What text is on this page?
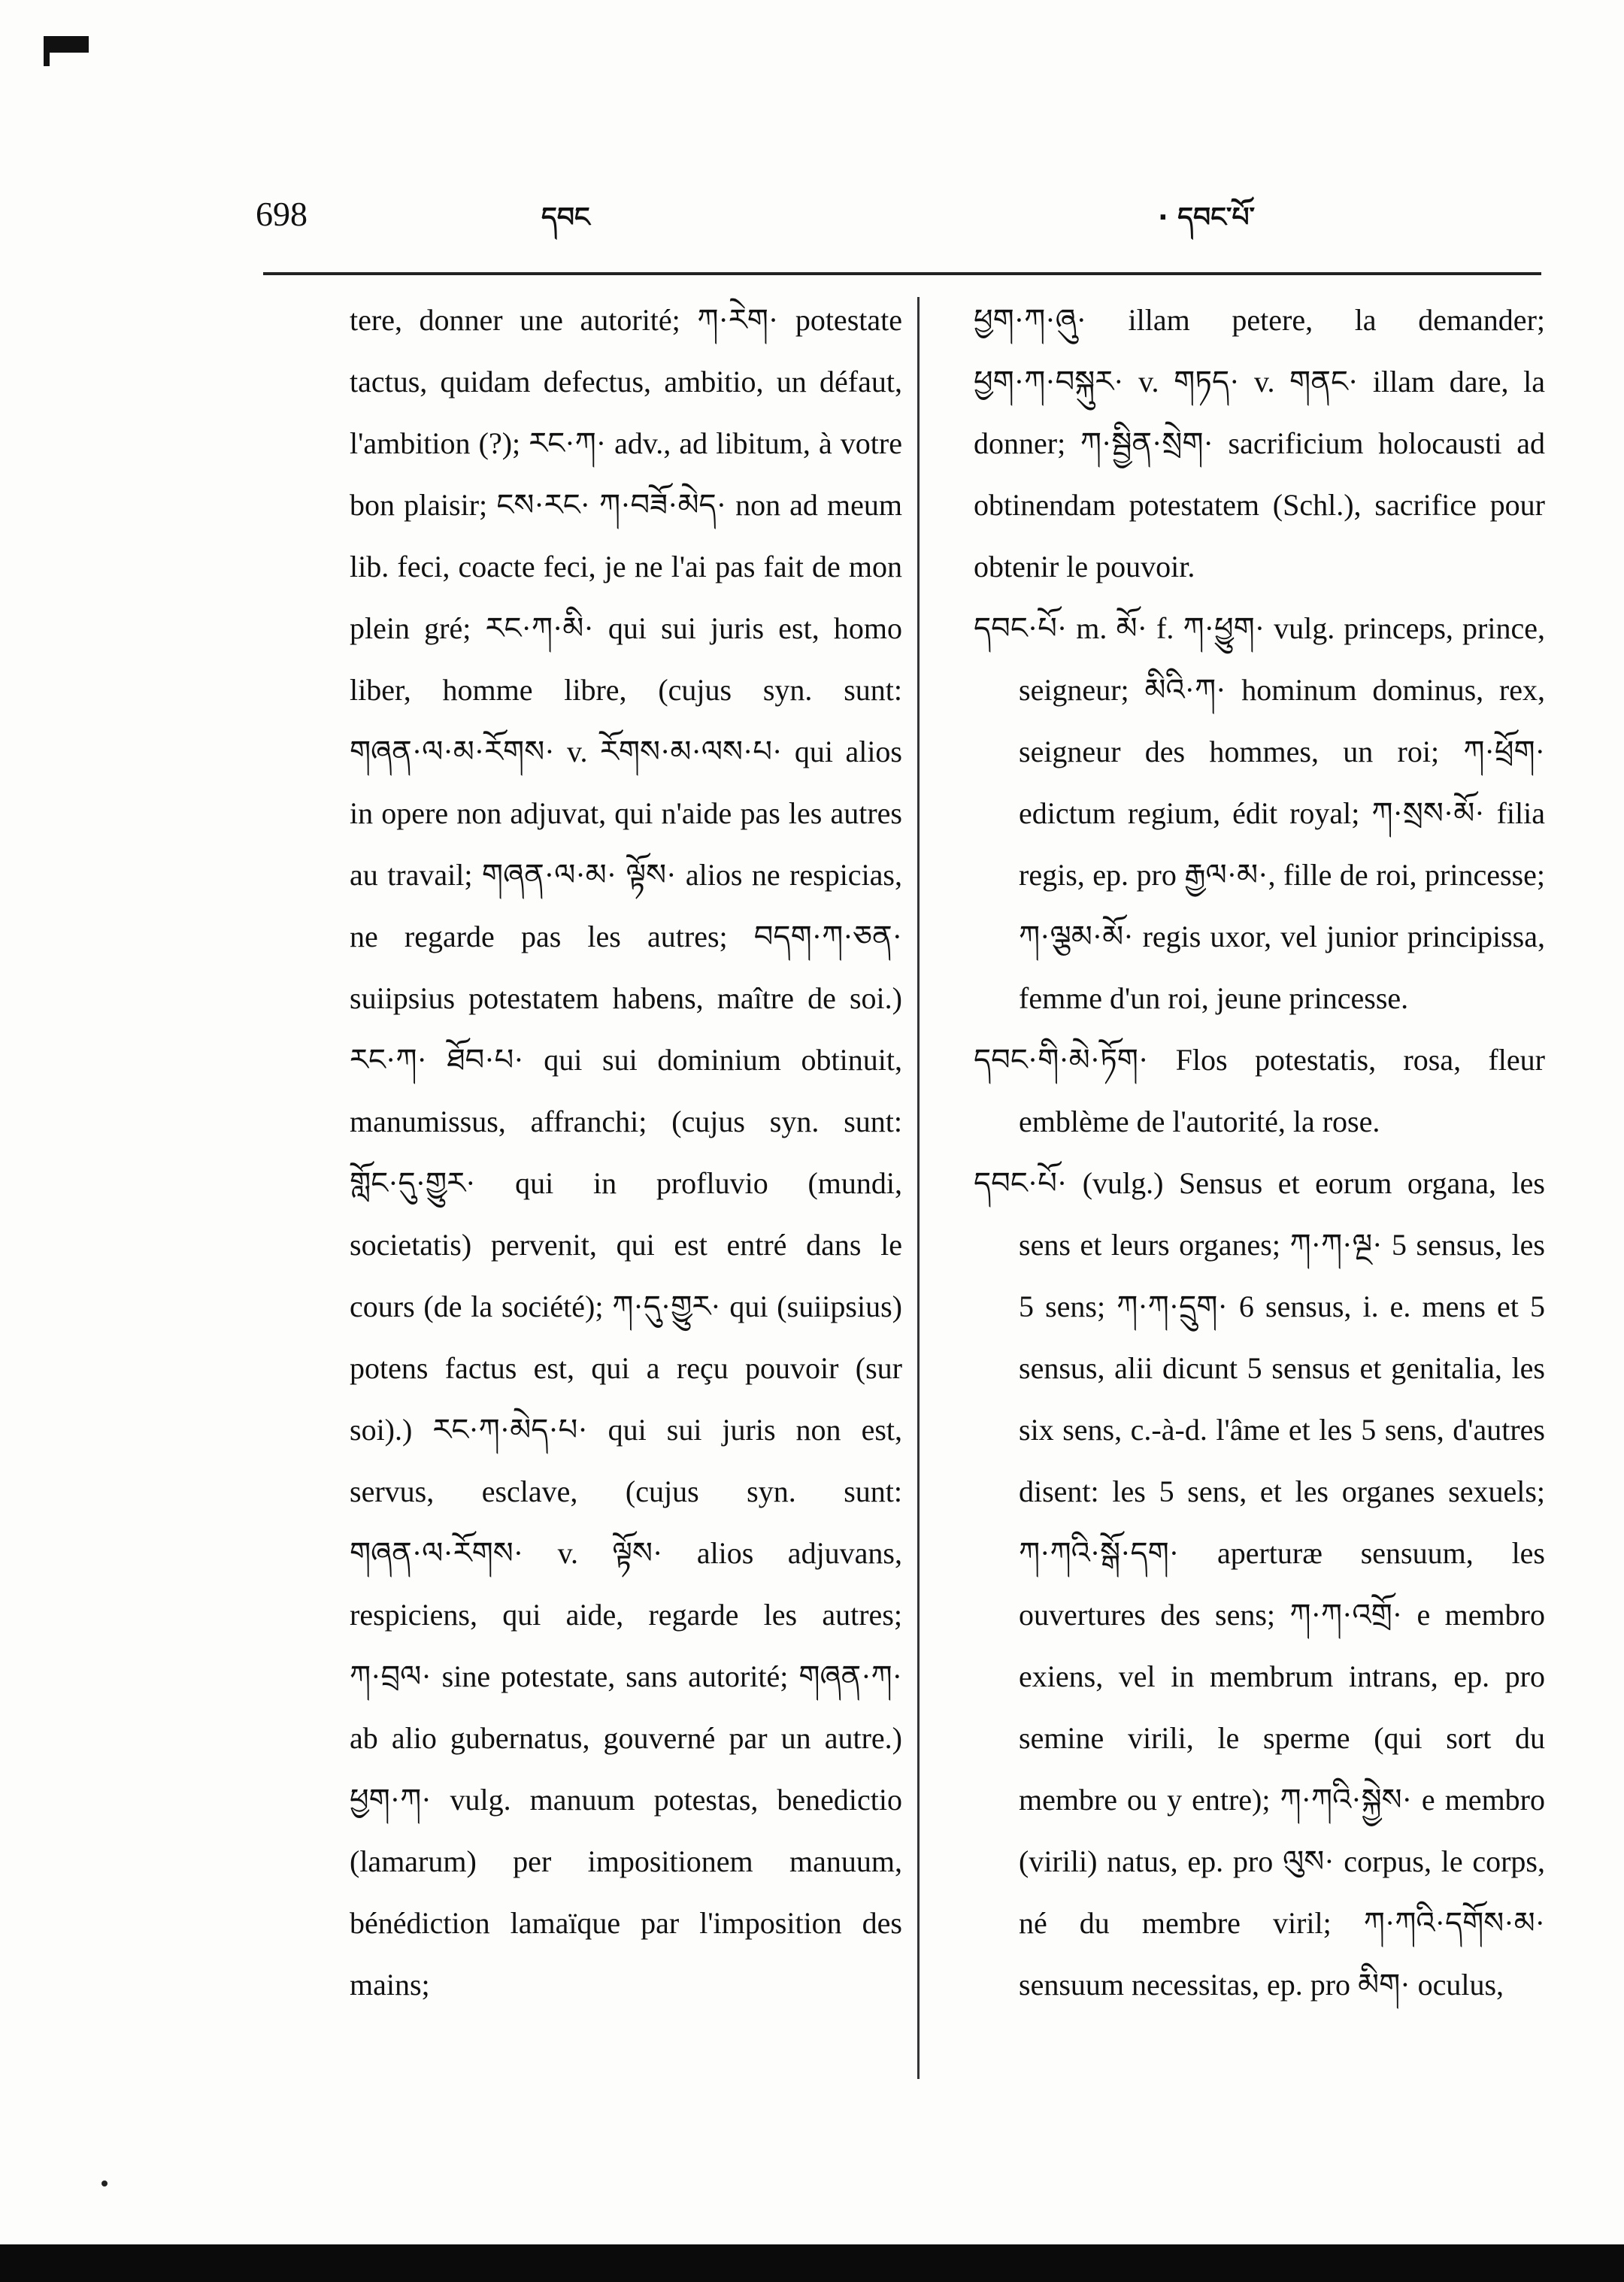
698	དབང	· དབང་པོ་

tere, donner une autorité; ཀ·རེག· potestate tactus, quidam defectus, ambitio, un défaut, l'ambition (?); རང·ཀ· adv., ad libitum, à votre bon plaisir; ངས·རང· ཀ·བཟོ·མེད· non ad meum lib. feci, coacte feci, je ne l'ai pas fait de mon plein gré; རང·ཀ·མི· qui sui juris est, homo liber, homme libre, (cujus syn. sunt: གཞན·ལ·མ·རོགས· v. རོགས·མ·ལས·པ· qui alios in opere non adjuvat, qui n'aide pas les autres au travail; གཞན·ལ·མ· ལྟོས· alios ne respicias, ne regarde pas les autres; བདག·ཀ·ཅན· suiipsius potestatem habens, maître de soi.) རང·ཀ· ཐོབ·པ· qui sui dominium obtinuit, manumissus, affranchi; (cujus syn. sunt: གློང·དུ·གྱུར· qui in profluvio (mundi, societatis) pervenit, qui est entré dans le cours (de la société); ཀ·དུ·གྱུར· qui (suiipsius) potens factus est, qui a reçu pouvoir (sur soi).) རང·ཀ·མེད·པ· qui sui juris non est, servus, esclave, (cujus syn. sunt: གཞན·ལ·རོགས· v. ལྟོས· alios adjuvans, respiciens, qui aide, regarde les autres; ཀ·བྲལ· sine potestate, sans autorité; གཞན·ཀ· ab alio gubernatus, gouverné par un autre.) ཕྱག·ཀ· vulg. manuum potestas, benedictio (lamarum) per impositionem manuum, bénédiction lamaïque par l'imposition des mains;

ཕྱག·ཀ·ཞུ· illam petere, la demander; ཕྱག·ཀ·བསྐུར· v. གཏད· v. གནང· illam dare, la donner; ཀ·སྦྱིན·སྲེག· sacrificium holocausti ad obtinendam potestatem (Schl.), sacrifice pour obtenir le pouvoir.

དབང·པོ· m. མོ· f. ཀ·ཕྱུག· vulg. princeps, prince, seigneur; མིའི·ཀ· hominum dominus, rex, seigneur des hommes, un roi; ཀ·ཕྲོག· edictum regium, édit royal; ཀ·སྲས·མོ· filia regis, ep. pro རྒྱལ·མ·, fille de roi, princesse; ཀ·ལྕམ·མོ· regis uxor, vel junior principissa, femme d'un roi, jeune princesse.

དབང·གི·མེ·ཏོག· Flos potestatis, rosa, fleur emblème de l'autorité, la rose.

དབང·པོ· (vulg.) Sensus et eorum organa, les sens et leurs organes; ཀ·ཀ·ལྔ· 5 sensus, les 5 sens; ཀ·ཀ·དྲུག· 6 sensus, i. e. mens et 5 sensus, alii dicunt 5 sensus et genitalia, les six sens, c.-à-d. l'âme et les 5 sens, d'autres disent: les 5 sens, et les organes sexuels; ཀ·ཀའི·སྒོ·དག· aperturæ sensuum, les ouvertures des sens; ཀ·ཀ·འགྲོ· e membro exiens, vel in membrum intrans, ep. pro semine virili, le sperme (qui sort du membre ou y entre); ཀ·ཀའི·སྐྱེས· e membro (virili) natus, ep. pro ལུས· corpus, le corps, né du membre viril; ཀ·ཀའི·དགོས·མ· sensuum necessitas, ep. pro མིག· oculus,
